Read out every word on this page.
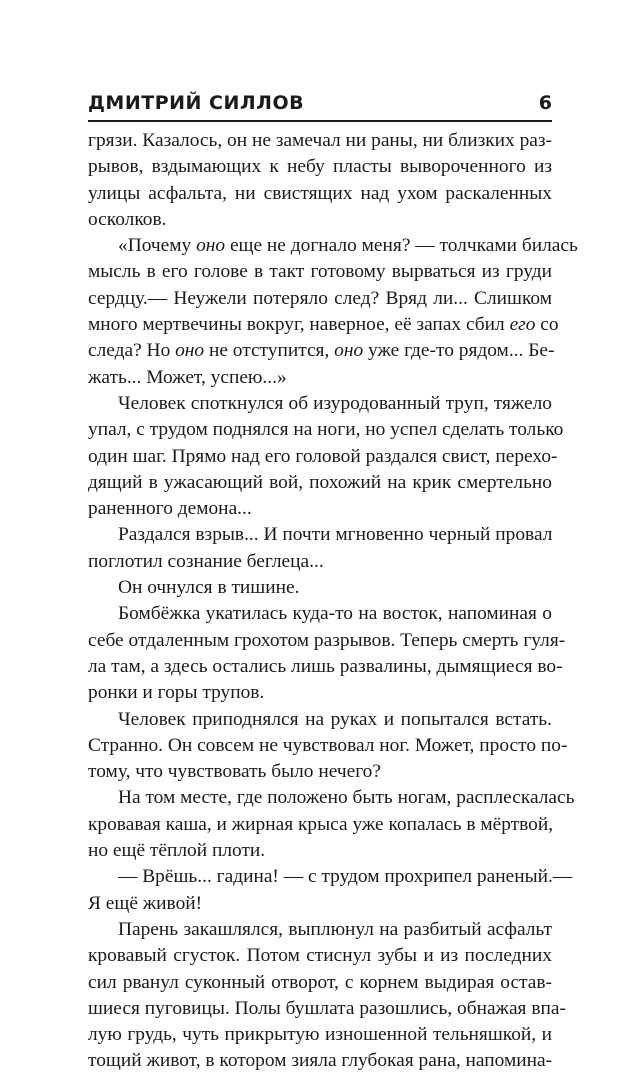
ДМИТРИЙ СИЛЛОВ	6
грязи. Казалось, он не замечал ни раны, ни близких раз-
рывов, вздымающих к небу пласты вывороченного из
улицы асфальта, ни свистящих над ухом раскаленных
осколков.
«Почему оно еще не догнало меня? — толчками билась
мысль в его голове в такт готовому вырваться из груди
сердцу.— Неужели потеряло след? Вряд ли... Слишком
много мертвечины вокруг, наверное, её запах сбил его со
следа? Но оно не отступится, оно уже где-то рядом... Бе-
жать... Может, успею...»
Человек споткнулся об изуродованный труп, тяжело
упал, с трудом поднялся на ноги, но успел сделать только
один шаг. Прямо над его головой раздался свист, перехо-
дящий в ужасающий вой, похожий на крик смертельно
раненного демона...
Раздался взрыв... И почти мгновенно черный провал
поглотил сознание беглеца...
Он очнулся в тишине.
Бомбёжка укатилась куда-то на восток, напоминая о
себе отдаленным грохотом разрывов. Теперь смерть гуля-
ла там, а здесь остались лишь развалины, дымящиеся во-
ронки и горы трупов.
Человек приподнялся на руках и попытался встать.
Странно. Он совсем не чувствовал ног. Может, просто по-
тому, что чувствовать было нечего?
На том месте, где положено быть ногам, расплескалась
кровавая каша, и жирная крыса уже копалась в мёртвой,
но ещё тёплой плоти.
— Врёшь... гадина! — с трудом прохрипел раненый.—
Я ещё живой!
Парень закашлялся, выплюнул на разбитый асфальт
кровавый сгусток. Потом стиснул зубы и из последних
сил рванул суконный отворот, с корнем выдирая остав-
шиеся пуговицы. Полы бушлата разошлись, обнажая впа-
лую грудь, чуть прикрытую изношенной тельняшкой, и
тощий живот, в котором зияла глубокая рана, напомина-
